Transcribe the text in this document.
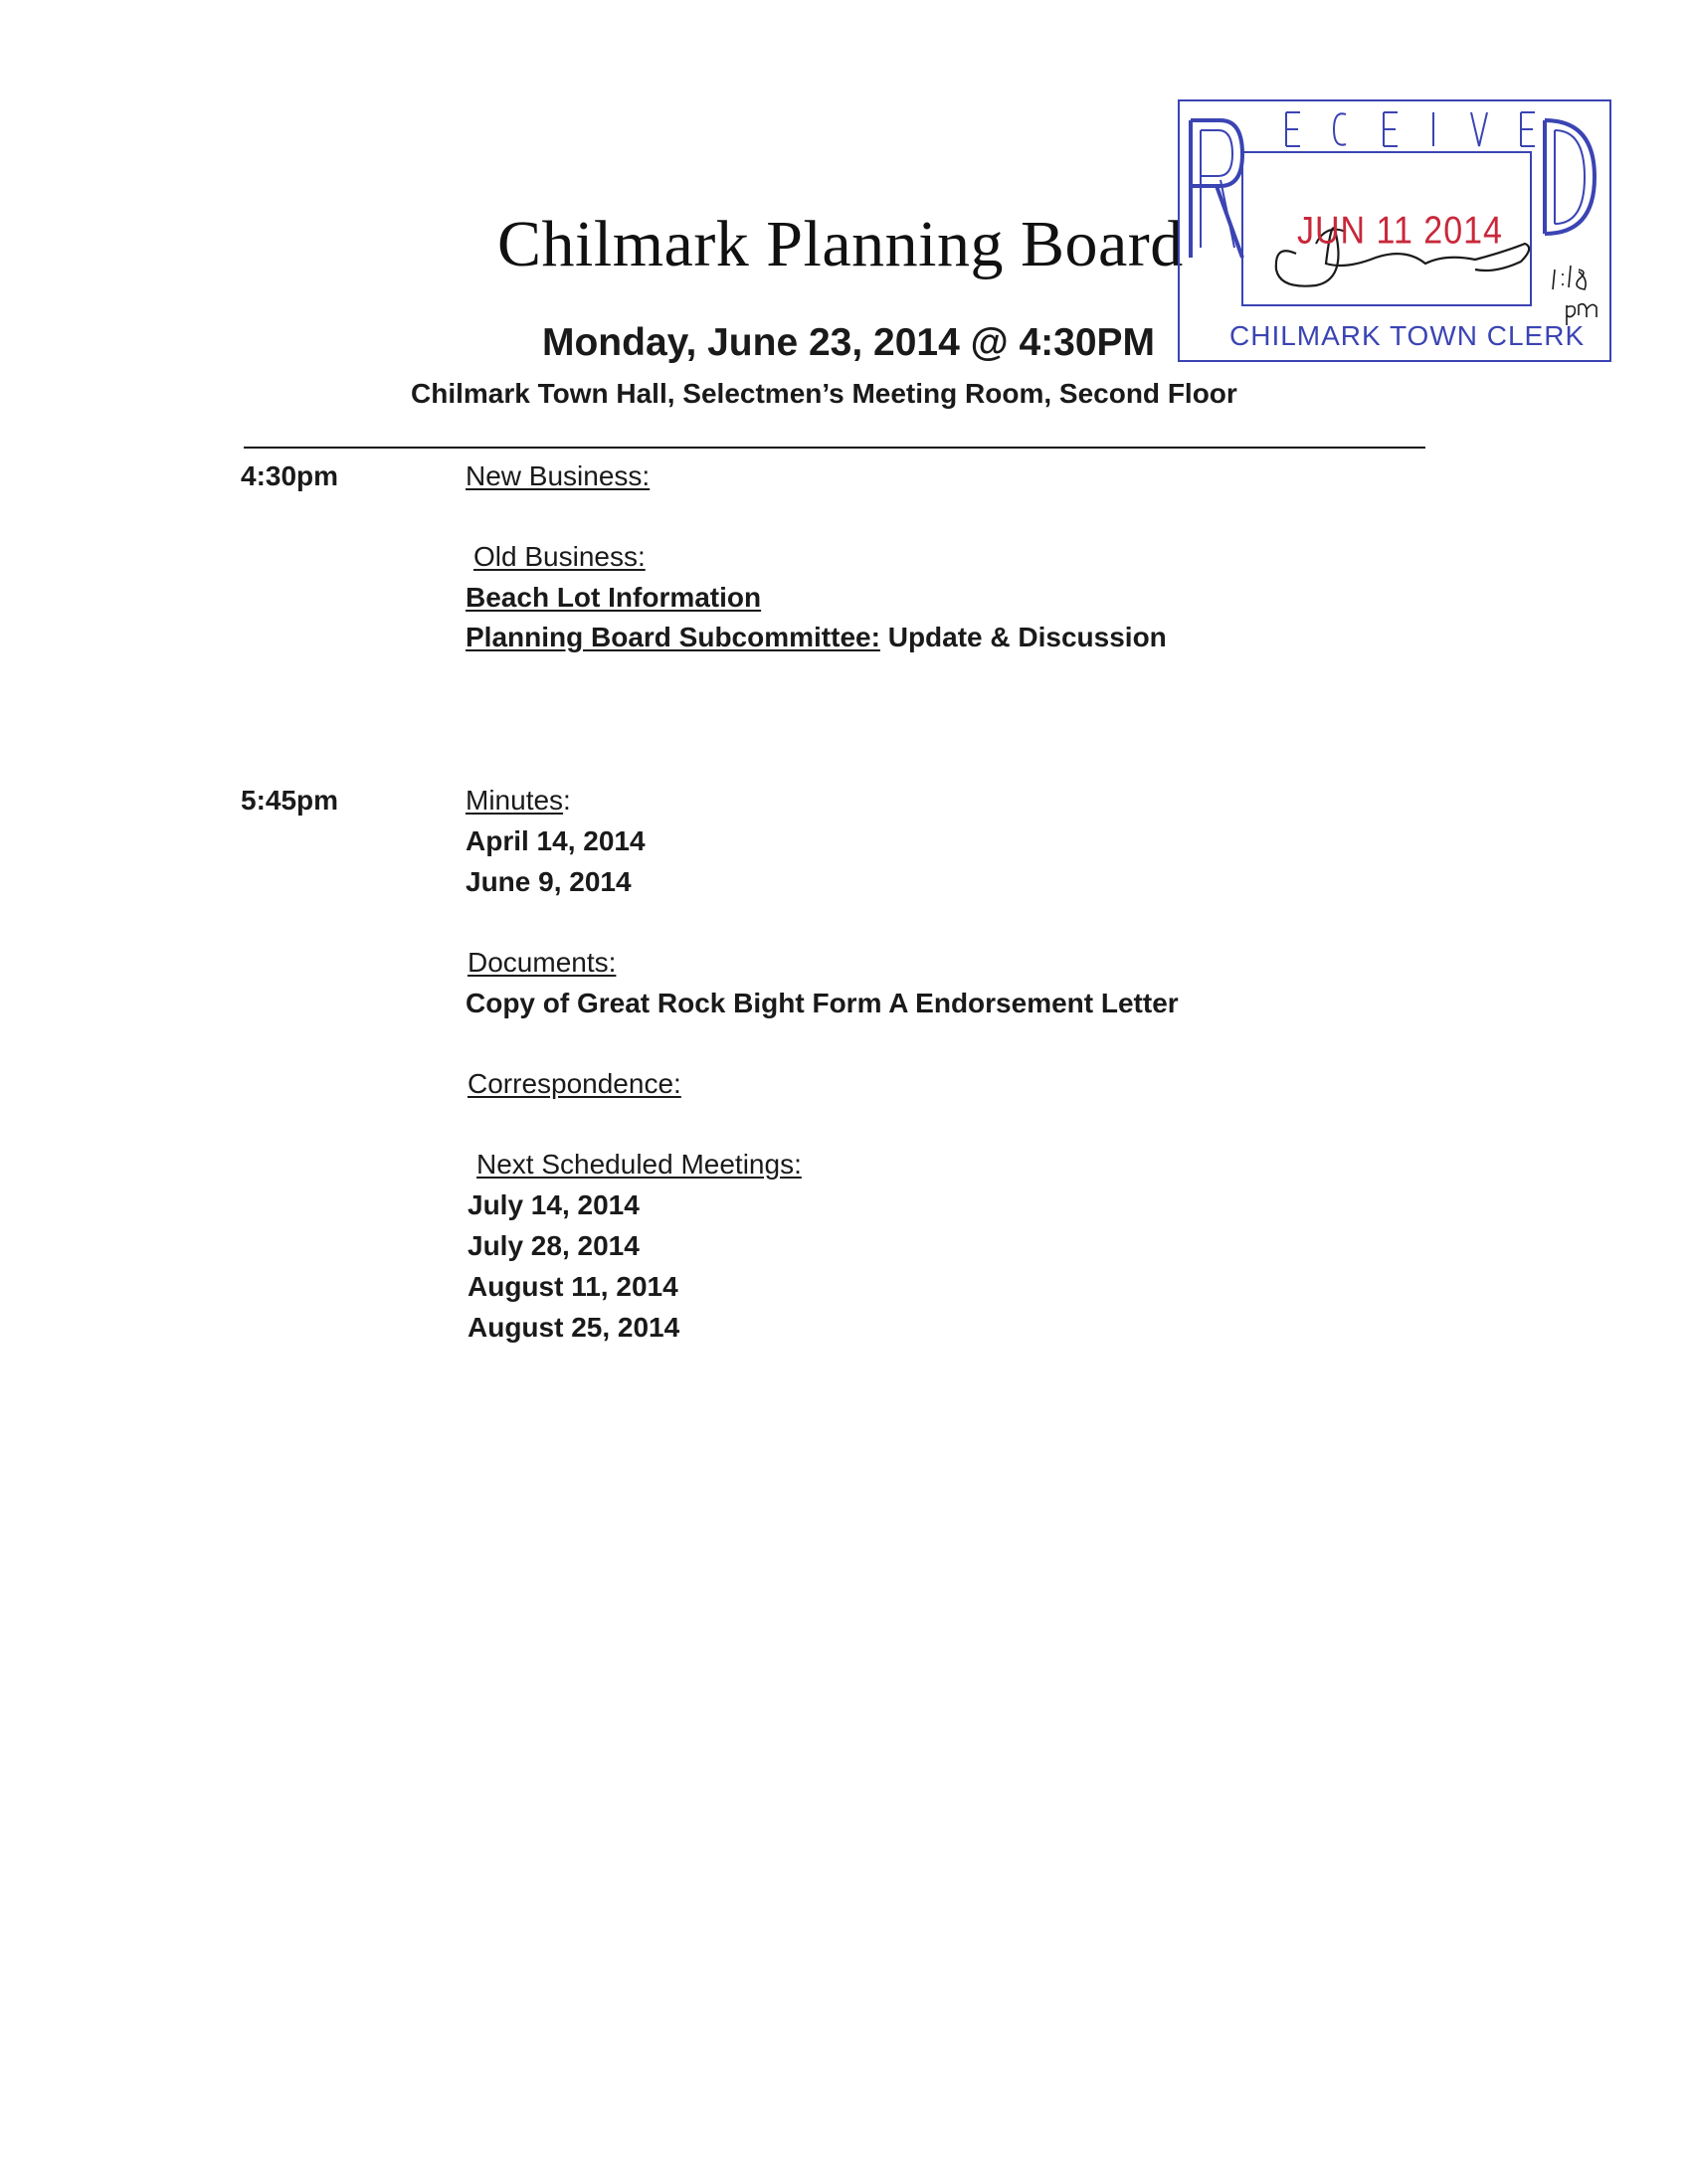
Chilmark Planning Board
Monday, June 23, 2014 @ 4:30PM
Chilmark Town Hall, Selectmen’s Meeting Room, Second Floor
JUN 11 2014
CHILMARK TOWN CLERK
4:30pm	New Business:
Old Business:
Beach Lot Information
Planning Board Subcommittee: Update & Discussion
5:45pm	Minutes:
April 14, 2014
June 9, 2014
Documents:
Copy of Great Rock Bight Form A Endorsement Letter
Correspondence:
Next Scheduled Meetings:
July 14, 2014
July 28, 2014
August 11, 2014
August 25, 2014
